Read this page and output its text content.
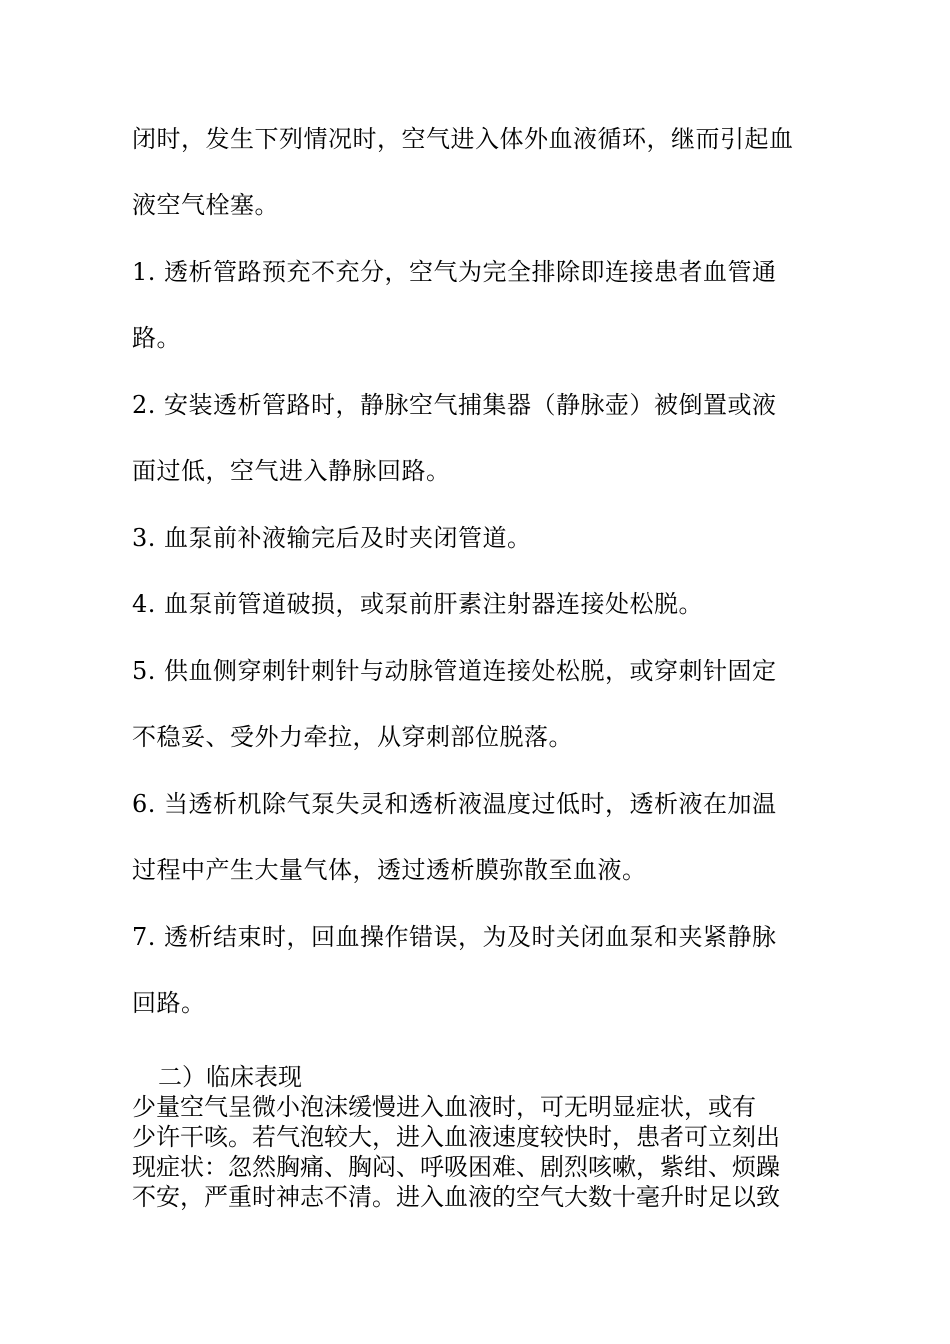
闭时，发生下列情况时，空气进入体外血液循环，继而引起血
液空气栓塞。
1. 透析管路预充不充分，空气为完全排除即连接患者血管通
路。
2. 安装透析管路时，静脉空气捕集器（静脉壶）被倒置或液
面过低，空气进入静脉回路。
3. 血泵前补液输完后及时夹闭管道。
4. 血泵前管道破损，或泵前肝素注射器连接处松脱。
5. 供血侧穿刺针刺针与动脉管道连接处松脱，或穿刺针固定
不稳妥、受外力牵拉，从穿刺部位脱落。
6. 当透析机除气泵失灵和透析液温度过低时，透析液在加温
过程中产生大量气体，透过透析膜弥散至血液。
7. 透析结束时，回血操作错误，为及时关闭血泵和夹紧静脉
回路。
二）临床表现
少量空气呈微小泡沫缓慢进入血液时，可无明显症状，或有
少许干咳。若气泡较大，进入血液速度较快时，患者可立刻出
现症状：忽然胸痛、胸闷、呼吸困难、剧烈咳嗽，紫绀、烦躁
不安，严重时神志不清。进入血液的空气大数十毫升时足以致
